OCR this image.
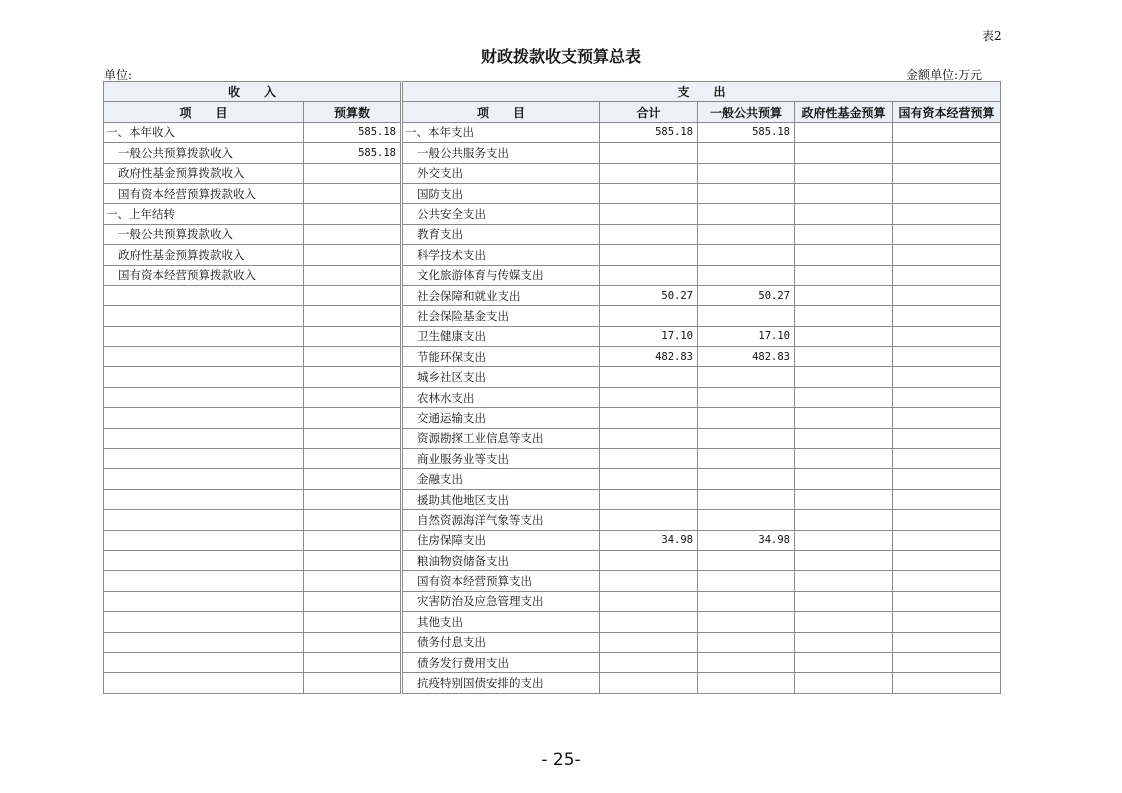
表2
财政拨款收支预算总表
单位:	金额单位:万元
收　　入		支　　出				
项　　目	预算数	项　　目	合计	一般公共预算	政府性基金预算	国有资本经营预算
一、本年收入	585.18	一、本年支出	585.18	585.18		
一般公共预算拨款收入	585.18	一般公共服务支出				
政府性基金预算拨款收入		外交支出				
国有资本经营预算拨款收入		国防支出				
一、上年结转		公共安全支出				
一般公共预算拨款收入		教育支出				
政府性基金预算拨款收入		科学技术支出				
国有资本经营预算拨款收入		文化旅游体育与传媒支出				
		社会保障和就业支出	50.27	50.27		
		社会保险基金支出				
		卫生健康支出	17.10	17.10		
		节能环保支出	482.83	482.83		
		城乡社区支出				
		农林水支出				
		交通运输支出				
		资源勘探工业信息等支出				
		商业服务业等支出				
		金融支出				
		援助其他地区支出				
		自然资源海洋气象等支出				
		住房保障支出	34.98	34.98		
		粮油物资储备支出				
		国有资本经营预算支出				
		灾害防治及应急管理支出				
		其他支出				
		债务付息支出				
		债务发行费用支出				
		抗疫特别国债安排的支出				
- 25-
